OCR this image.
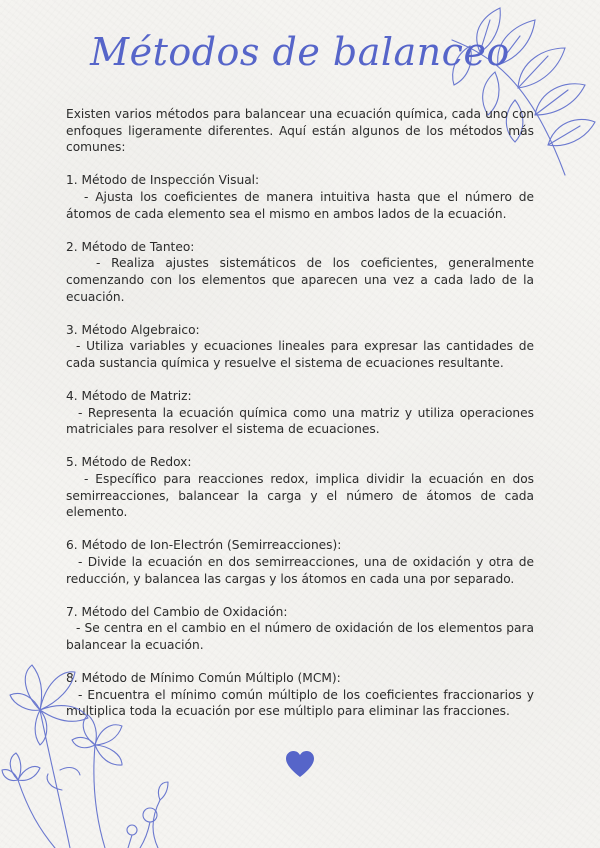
Métodos de balanceo

Existen varios métodos para balancear una ecuación química, cada uno con enfoques ligeramente diferentes. Aquí están algunos de los métodos más comunes:

1. Método de Inspección Visual:

- Ajusta los coeficientes de manera intuitiva hasta que el número de átomos de cada elemento sea el mismo en ambos lados de la ecuación.

2. Método de Tanteo:

- Realiza ajustes sistemáticos de los coeficientes, generalmente comenzando con los elementos que aparecen una vez a cada lado de la ecuación.

3. Método Algebraico:

- Utiliza variables y ecuaciones lineales para expresar las cantidades de cada sustancia química y resuelve el sistema de ecuaciones resultante.

4. Método de Matriz:

- Representa la ecuación química como una matriz y utiliza operaciones matriciales para resolver el sistema de ecuaciones.

5. Método de Redox:

- Específico para reacciones redox, implica dividir la ecuación en dos semirreacciones, balancear la carga y el número de átomos de cada elemento.

6. Método de Ion-Electrón (Semirreacciones):

- Divide la ecuación en dos semirreacciones, una de oxidación y otra de reducción, y balancea las cargas y los átomos en cada una por separado.

7. Método del Cambio de Oxidación:

- Se centra en el cambio en el número de oxidación de los elementos para balancear la ecuación.

8. Método de Mínimo Común Múltiplo (MCM):

- Encuentra el mínimo común múltiplo de los coeficientes fraccionarios y multiplica toda la ecuación por ese múltiplo para eliminar las fracciones.
